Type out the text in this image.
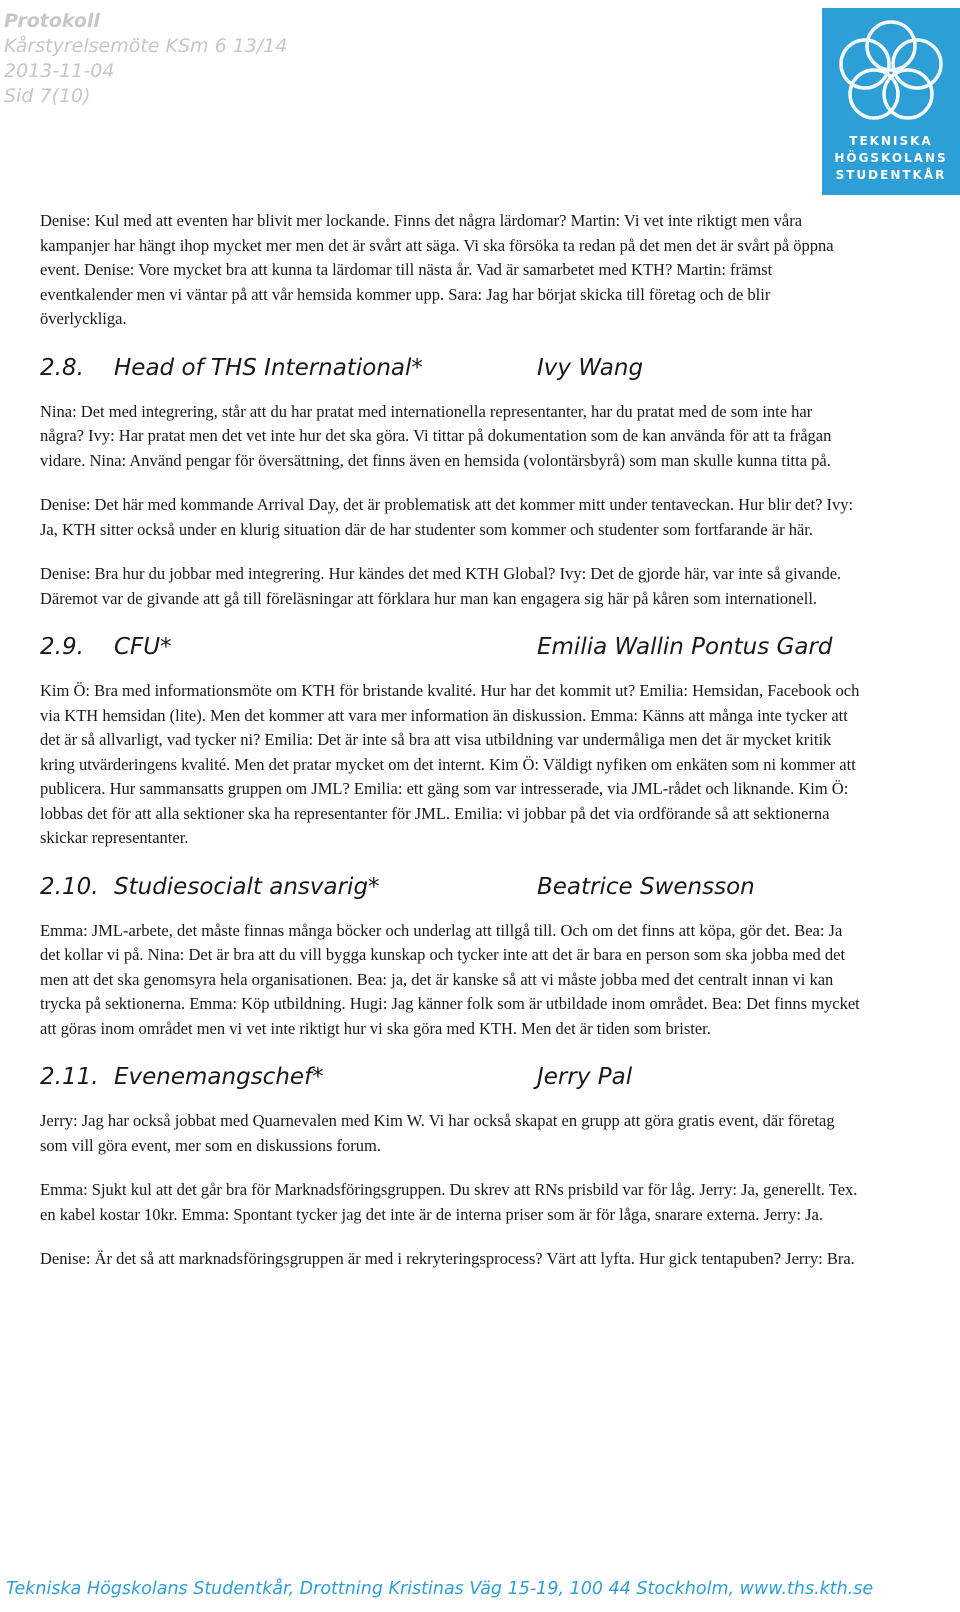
Protokoll
Kårstyrelsemöte KSm 6 13/14
2013-11-04
Sid 7(10)
TEKNISKA
HÖGSKOLANS
STUDENTKÅR

Denise: Kul med att eventen har blivit mer lockande. Finns det några lärdomar? Martin: Vi vet inte riktigt men våra kampanjer har hängt ihop mycket mer men det är svårt att säga. Vi ska försöka ta redan på det men det är svårt på öppna event. Denise: Vore mycket bra att kunna ta lärdomar till nästa år. Vad är samarbetet med KTH? Martin: främst eventkalender men vi väntar på att vår hemsida kommer upp. Sara: Jag har börjat skicka till företag och de blir överlyckliga.

2.8. Head of THS International*	Ivy Wang

Nina: Det med integrering, står att du har pratat med internationella representanter, har du pratat med de som inte har några? Ivy: Har pratat men det vet inte hur det ska göra. Vi tittar på dokumentation som de kan använda för att ta frågan vidare. Nina: Använd pengar för översättning, det finns även en hemsida (volontärsbyrå) som man skulle kunna titta på.

Denise: Det här med kommande Arrival Day, det är problematisk att det kommer mitt under tentaveckan. Hur blir det? Ivy: Ja, KTH sitter också under en klurig situation där de har studenter som kommer och studenter som fortfarande är här.

Denise: Bra hur du jobbar med integrering. Hur kändes det med KTH Global? Ivy: Det de gjorde här, var inte så givande. Däremot var de givande att gå till föreläsningar att förklara hur man kan engagera sig här på kåren som internationell.

2.9. CFU*	Emilia Wallin Pontus Gard

Kim Ö: Bra med informationsmöte om KTH för bristande kvalité. Hur har det kommit ut? Emilia: Hemsidan, Facebook och via KTH hemsidan (lite). Men det kommer att vara mer information än diskussion. Emma: Känns att många inte tycker att det är så allvarligt, vad tycker ni? Emilia: Det är inte så bra att visa utbildning var undermåliga men det är mycket kritik kring utvärderingens kvalité. Men det pratar mycket om det internt. Kim Ö: Väldigt nyfiken om enkäten som ni kommer att publicera. Hur sammansatts gruppen om JML? Emilia: ett gäng som var intresserade, via JML-rådet och liknande. Kim Ö: lobbas det för att alla sektioner ska ha representanter för JML. Emilia: vi jobbar på det via ordförande så att sektionerna skickar representanter.

2.10. Studiesocialt ansvarig*	Beatrice Swensson

Emma: JML-arbete, det måste finnas många böcker och underlag att tillgå till. Och om det finns att köpa, gör det. Bea: Ja det kollar vi på. Nina: Det är bra att du vill bygga kunskap och tycker inte att det är bara en person som ska jobba med det men att det ska genomsyra hela organisationen. Bea: ja, det är kanske så att vi måste jobba med det centralt innan vi kan trycka på sektionerna. Emma: Köp utbildning. Hugi: Jag känner folk som är utbildade inom området. Bea: Det finns mycket att göras inom området men vi vet inte riktigt hur vi ska göra med KTH. Men det är tiden som brister.

2.11. Evenemangschef*	Jerry Pal

Jerry: Jag har också jobbat med Quarnevalen med Kim W. Vi har också skapat en grupp att göra gratis event, där företag som vill göra event, mer som en diskussions forum.

Emma: Sjukt kul att det går bra för Marknadsföringsgruppen. Du skrev att RNs prisbild var för låg. Jerry: Ja, generellt. Tex. en kabel kostar 10kr. Emma: Spontant tycker jag det inte är de interna priser som är för låga, snarare externa. Jerry: Ja.

Denise: Är det så att marknadsföringsgruppen är med i rekryteringsprocess? Värt att lyfta. Hur gick tentapuben? Jerry: Bra.

Tekniska Högskolans Studentkår, Drottning Kristinas Väg 15-19, 100 44 Stockholm, www.ths.kth.se
